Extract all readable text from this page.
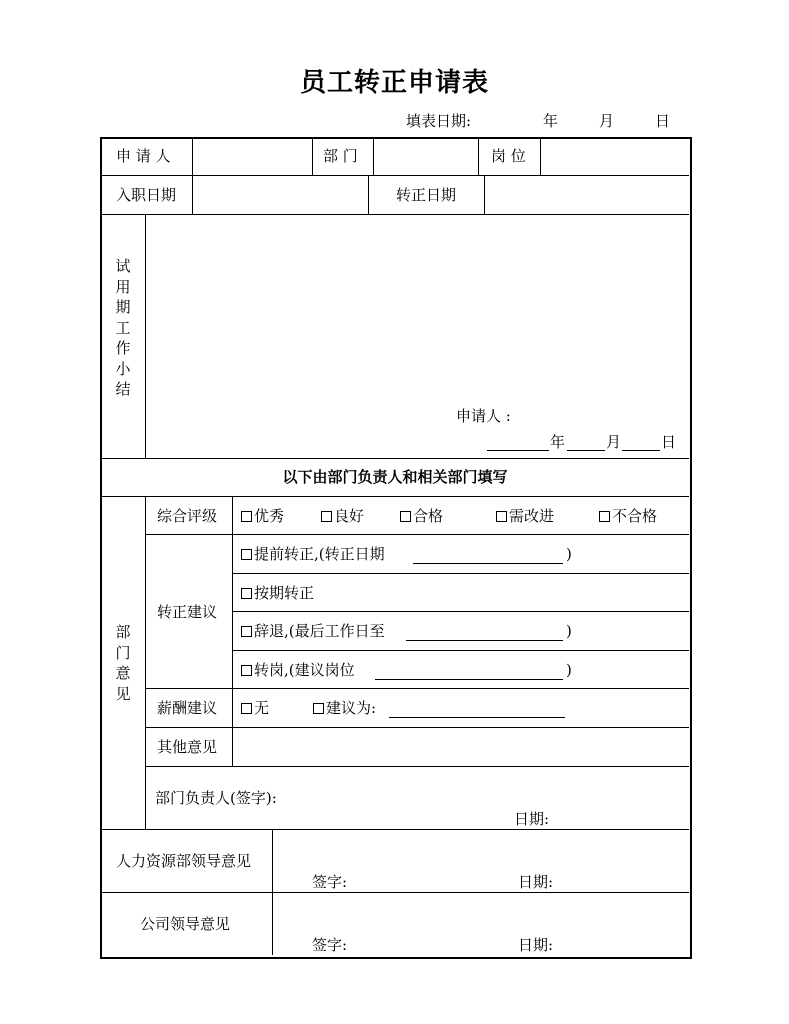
员工转正申请表
填表日期:	年	月	日
申 请 人	部 门	岗 位
入职日期	转正日期
试
用
期
工
作
小
结
申请人 :
年	月	日
以下由部门负责人和相关部门填写
部
门
意
见
综合评级 优秀	良好	合格	需改进	不合格
转正建议
提前转正,(转正日期	)
按期转正
辞退,(最后工作日至	)
转岗,(建议岗位	)
薪酬建议 无	建议为:
其他意见
部门负责人(签字):
日期:
人力资源部领导意见
签字:	日期:
公司领导意见
签字:	日期:
